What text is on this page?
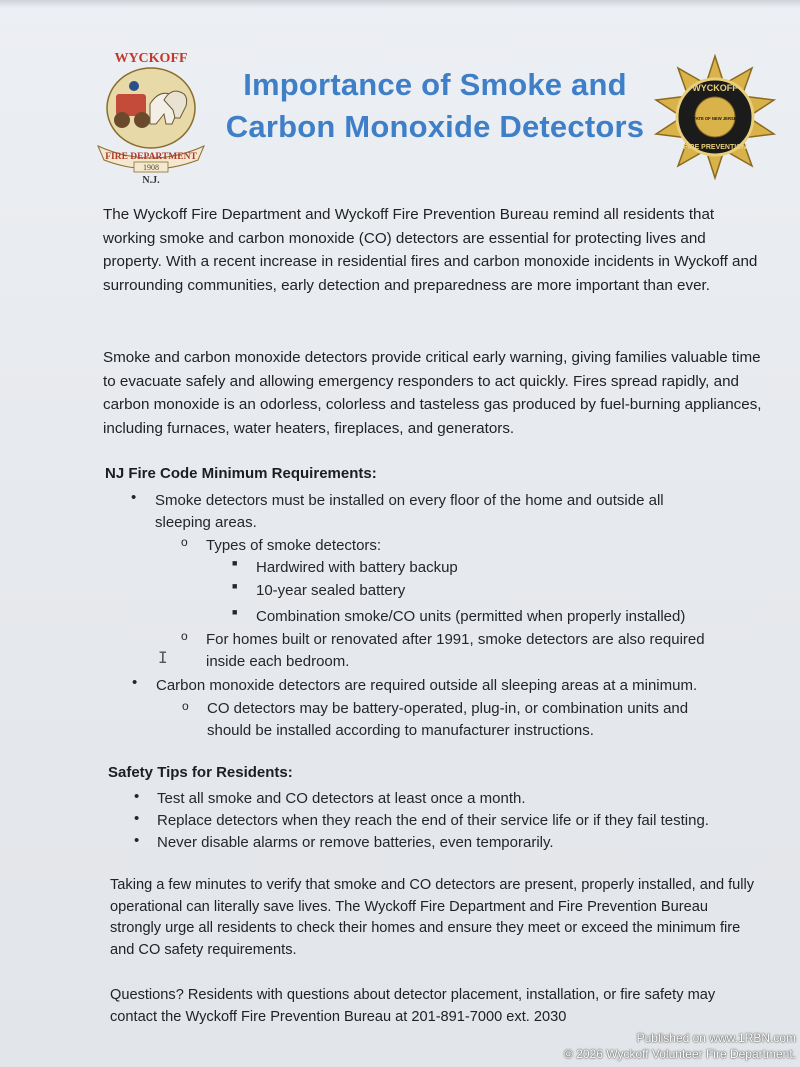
WYCKOFF
FIRE DEPARTMENT
1908
N.J.
Importance of Smoke and
Carbon Monoxide Detectors
WYCKOFF
STATE OF NEW JERSEY
FIRE PREVENTION
The Wyckoff Fire Department and Wyckoff Fire Prevention Bureau remind all residents that working smoke and carbon monoxide (CO) detectors are essential for protecting lives and property. With a recent increase in residential fires and carbon monoxide incidents in Wyckoff and surrounding communities, early detection and preparedness are more important than ever.
Smoke and carbon monoxide detectors provide critical early warning, giving families valuable time to evacuate safely and allowing emergency responders to act quickly. Fires spread rapidly, and carbon monoxide is an odorless, colorless and tasteless gas produced by fuel-burning appliances, including furnaces, water heaters, fireplaces, and generators.
NJ Fire Code Minimum Requirements:
• Smoke detectors must be installed on every floor of the home and outside all
sleeping areas.
o Types of smoke detectors:
■ Hardwired with battery backup
■ 10-year sealed battery
■ Combination smoke/CO units (permitted when properly installed)
o For homes built or renovated after 1991, smoke detectors are also required
inside each bedroom.
I
• Carbon monoxide detectors are required outside all sleeping areas at a minimum.
o CO detectors may be battery-operated, plug-in, or combination units and
should be installed according to manufacturer instructions.
Safety Tips for Residents:
• Test all smoke and CO detectors at least once a month.
• Replace detectors when they reach the end of their service life or if they fail testing.
• Never disable alarms or remove batteries, even temporarily.
Taking a few minutes to verify that smoke and CO detectors are present, properly installed, and fully operational can literally save lives. The Wyckoff Fire Department and Fire Prevention Bureau strongly urge all residents to check their homes and ensure they meet or exceed the minimum fire and CO safety requirements.
Questions? Residents with questions about detector placement, installation, or fire safety may contact the Wyckoff Fire Prevention Bureau at 201-891-7000 ext. 2030
Published on www.1RBN.com
© 2026 Wyckoff Volunteer Fire Department.
